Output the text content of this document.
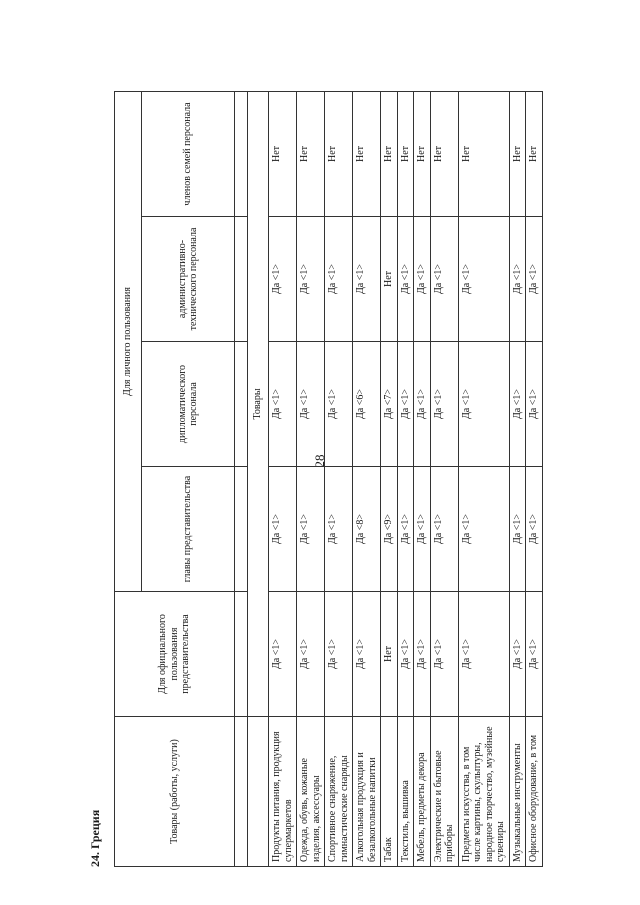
28
24. Греция	Товары (работы, услуги)	Для официального пользования представительства	Для личного пользования			
		главы представительства	дипломатического персонала	административно-технического персонала	членов семей персонала

	Товары				
Продукты питания, продукция супермаркетов	Да <1>	Да <1>	Да <1>	Да <1>	Нет
Одежда, обувь, кожаные изделия, аксессуары	Да <1>	Да <1>	Да <1>	Да <1>	Нет
Спортивное снаряжение, гимнастические снаряды	Да <1>	Да <1>	Да <1>	Да <1>	Нет
Алкогольная продукция и безалкогольные напитки	Да <1>	Да <8>	Да <6>	Да <1>	Нет
Табак	Нет	Да <9>	Да <7>	Нет	Нет
Текстиль, вышивка	Да <1>	Да <1>	Да <1>	Да <1>	Нет
Мебель, предметы декора	Да <1>	Да <1>	Да <1>	Да <1>	Нет
Электрические и бытовые приборы	Да <1>	Да <1>	Да <1>	Да <1>	Нет
Предметы искусства, в том числе картины, скульптуры, народное творчество, музейные сувениры	Да <1>	Да <1>	Да <1>	Да <1>	Нет
Музыкальные инструменты	Да <1>	Да <1>	Да <1>	Да <1>	Нет
Офисное оборудование, в том	Да <1>	Да <1>	Да <1>	Да <1>	Нет
